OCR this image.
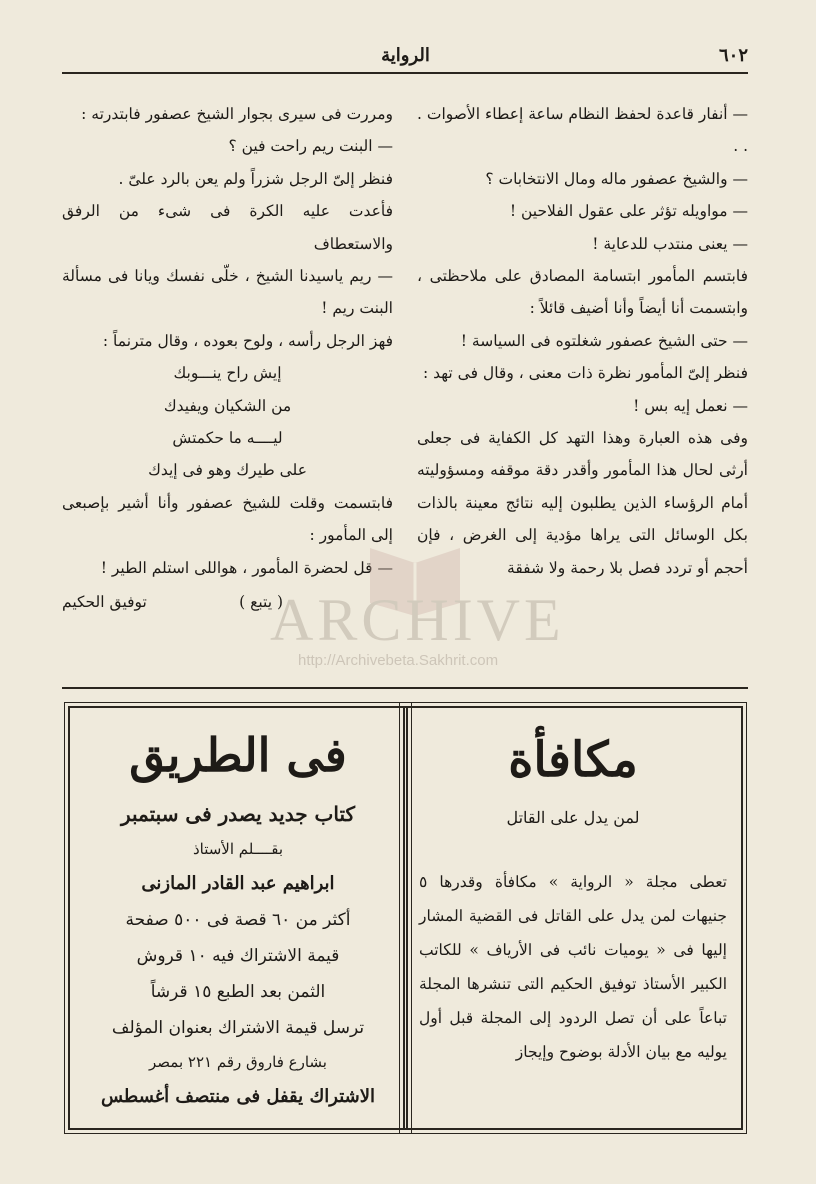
٦٠٢
الرواية

— أنفار قاعدة لحفظ النظام ساعة إعطاء الأصوات . . .

— والشيخ عصفور ماله ومال الانتخابات ؟

— مواويله تؤثر على عقول الفلاحين !

— يعنى منتدب للدعاية !

فابتسم المأمور ابتسامة المصادق على ملاحظتى ، وابتسمت أنا أيضاً وأنا أضيف قائلاً :

— حتى الشيخ عصفور شغلتوه فى السياسة !

فنظر إلىّ المأمور نظرة ذات معنى ، وقال فى تهد :

— نعمل إيه بس !

وفى هذه العبارة وهذا التهد كل الكفاية فى جعلى أرثى لحال هذا المأمور وأقدر دقة موقفه ومسؤوليته أمام الرؤساء الذين يطلبون إليه نتائج معينة بالذات بكل الوسائل التى يراها مؤدية إلى الغرض ، فإن أحجم أو تردد فصل بلا رحمة ولا شفقة

ومررت فى سيرى بجوار الشيخ عصفور فابتدرته :

— البنت ريم راحت فين ؟

فنظر إلىّ الرجل شزراً ولم يعن بالرد علىّ .

فأعدت عليه الكرة فى شىء من الرفق والاستعطاف

— ريم ياسيدنا الشيخ ، خلّى نفسك ويانا فى مسألة البنت ريم !

فهز الرجل رأسه ، ولوح بعوده ، وقال مترنماً :

إيش راح ينـــوبك
من الشكيان ويفيدك
ليــــه ما حكمتش
على طيرك وهو فى إيدك

فابتسمت وقلت للشيخ عصفور وأنا أشير بإصبعى إلى المأمور :

— قل لحضرة المأمور ، هواللى استلم الطير !

( يتبع )
توفيق الحكيم
مكافأة
لمن يدل على القاتل

تعطى مجلة « الرواية » مكافأة وقدرها ٥ جنيهات لمن يدل على القاتل فى القضية المشار إليها فى « يوميات نائب فى الأرياف » للكاتب الكبير الأستاذ توفيق الحكيم التى تنشرها المجلة تباعاً على أن تصل الردود إلى المجلة قبل أول يوليه مع بيان الأدلة بوضوح وإيجاز

فى الطريق
كتاب جديد يصدر فى سبتمبر
بقــــلم الأستاذ
ابراهيم عبد القادر المازنى
أكثر من ٦٠ قصة فى ٥٠٠ صفحة
قيمة الاشتراك فيه ١٠ قروش
الثمن بعد الطبع ١٥ قرشاً
ترسل قيمة الاشتراك بعنوان المؤلف
بشارع فاروق رقم ٢٢١ بمصر
الاشتراك يقفل فى منتصف أغسطس
ARCHIVE
http://Archivebeta.Sakhrit.com
